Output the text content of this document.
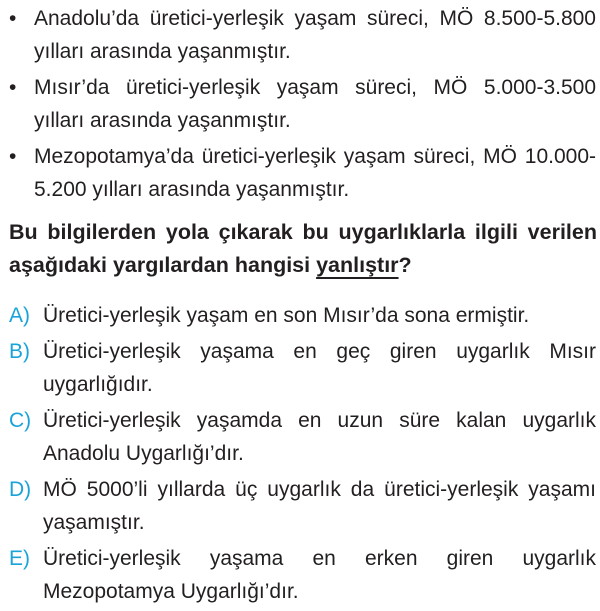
• Anadolu’da üretici-yerleşik yaşam süreci, MÖ 8.500-5.800 yılları arasında yaşanmıştır.
• Mısır’da üretici-yerleşik yaşam süreci, MÖ 5.000-3.500 yılları arasında yaşanmıştır.
• Mezopotamya’da üretici-yerleşik yaşam süreci, MÖ 10.000-5.200 yılları arasında yaşanmıştır.
Bu bilgilerden yola çıkarak bu uygarlıklarla ilgili verilen aşağıdaki yargılardan hangisi yanlıştır?
A) Üretici-yerleşik yaşam en son Mısır’da sona ermiştir.
B) Üretici-yerleşik yaşama en geç giren uygarlık Mısır uygarlığıdır.
C) Üretici-yerleşik yaşamda en uzun süre kalan uygarlık Anadolu Uygarlığı’dır.
D) MÖ 5000’li yıllarda üç uygarlık da üretici-yerleşik yaşamı yaşamıştır.
E) Üretici-yerleşik yaşama en erken giren uygarlık Mezopotamya Uygarlığı’dır.
